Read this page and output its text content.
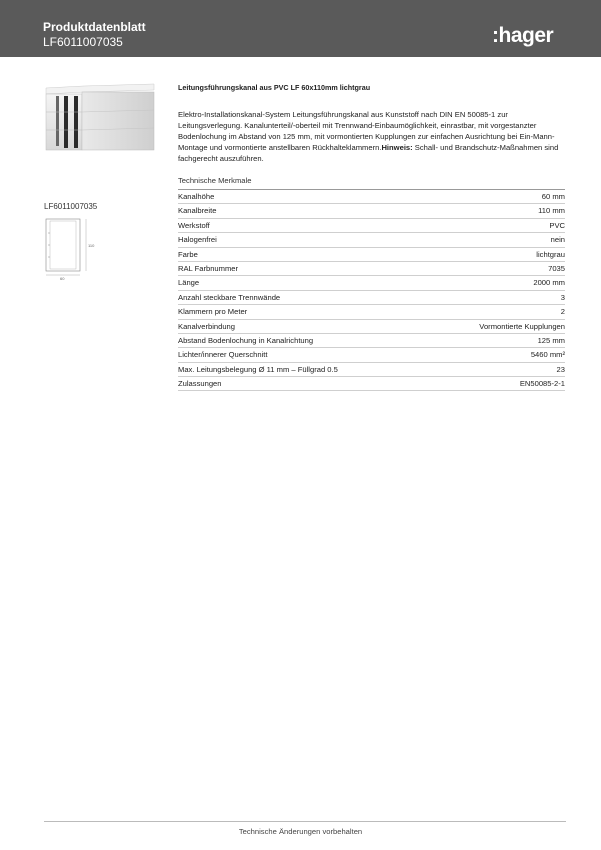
Produktdatenblatt
LF6011007035	:hager
LF6011007035
110
60
Leitungsführungskanal aus PVC LF 60x110mm lichtgrau
Elektro-Installationskanal-System Leitungsführungskanal aus Kunststoff nach DIN EN 50085-1 zur Leitungsverlegung. Kanalunterteil/-oberteil mit Trennwand-Einbaumöglichkeit, einrastbar, mit vorgestanzter Bodenlochung im Abstand von 125 mm, mit vormontierten Kupplungen zur einfachen Ausrichtung bei Ein-Mann-Montage und vormontierte anstellbaren Rückhalteklammern.Hinweis: Schall- und Brandschutz-Maßnahmen sind fachgerecht auszuführen.
Technische Merkmale
Kanalhöhe	60 mm
Kanalbreite	110 mm
Werkstoff	PVC
Halogenfrei	nein
Farbe	lichtgrau
RAL Farbnummer	7035
Länge	2000 mm
Anzahl steckbare Trennwände	3
Klammern pro Meter	2
Kanalverbindung	Vormontierte Kupplungen
Abstand Bodenlochung in Kanalrichtung	125 mm
Lichter/innerer Querschnitt	5460 mm²
Max. Leitungsbelegung Ø 11 mm – Füllgrad 0.5	23
Zulassungen	EN50085-2-1
Technische Änderungen vorbehalten
